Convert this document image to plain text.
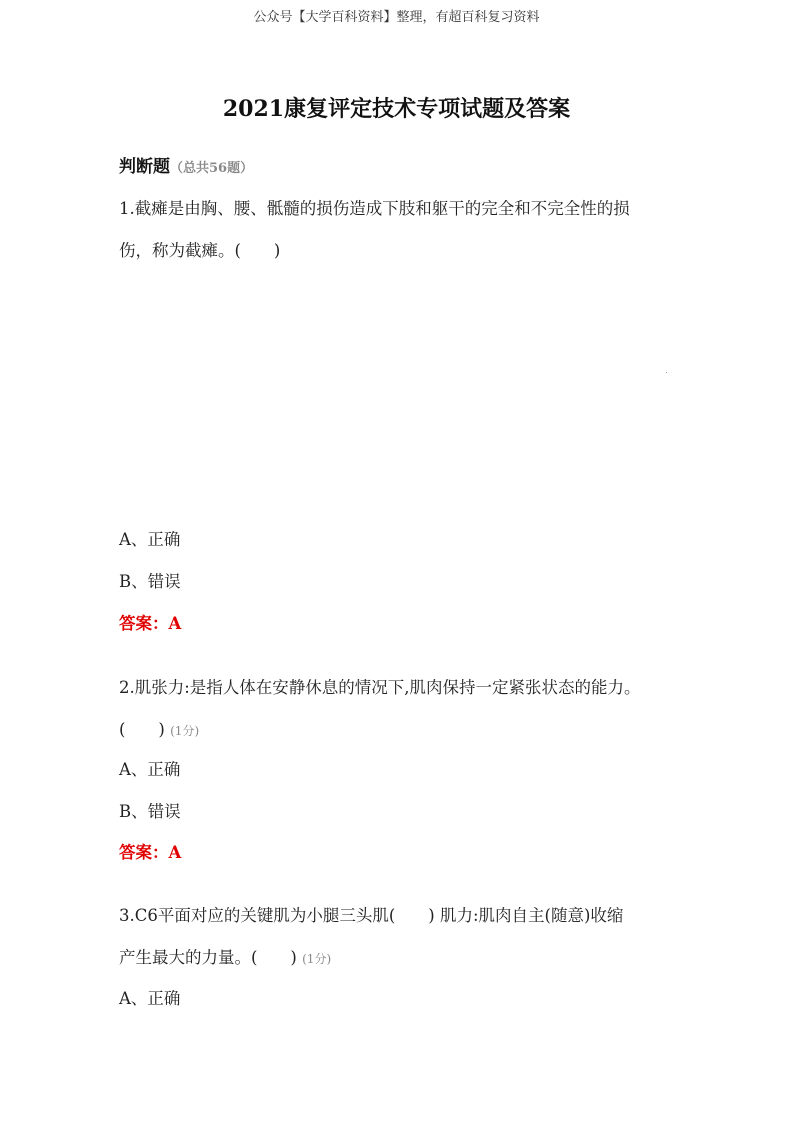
公众号【大学百科资料】整理，有超百科复习资料
2021康复评定技术专项试题及答案
判断题（总共56题）
1.截瘫是由胸、腰、骶髓的损伤造成下肢和躯干的完全和不完全性的损
伤，称为截瘫。(　　)
A、正确
B、错误
答案：A
2.肌张力:是指人体在安静休息的情况下,肌肉保持一定紧张状态的能力。
(　　) (1分)
A、正确
B、错误
答案：A
3.C6平面对应的关键肌为小腿三头肌(　　) 肌力:肌肉自主(随意)收缩
产生最大的力量。(　　) (1分)
A、正确
